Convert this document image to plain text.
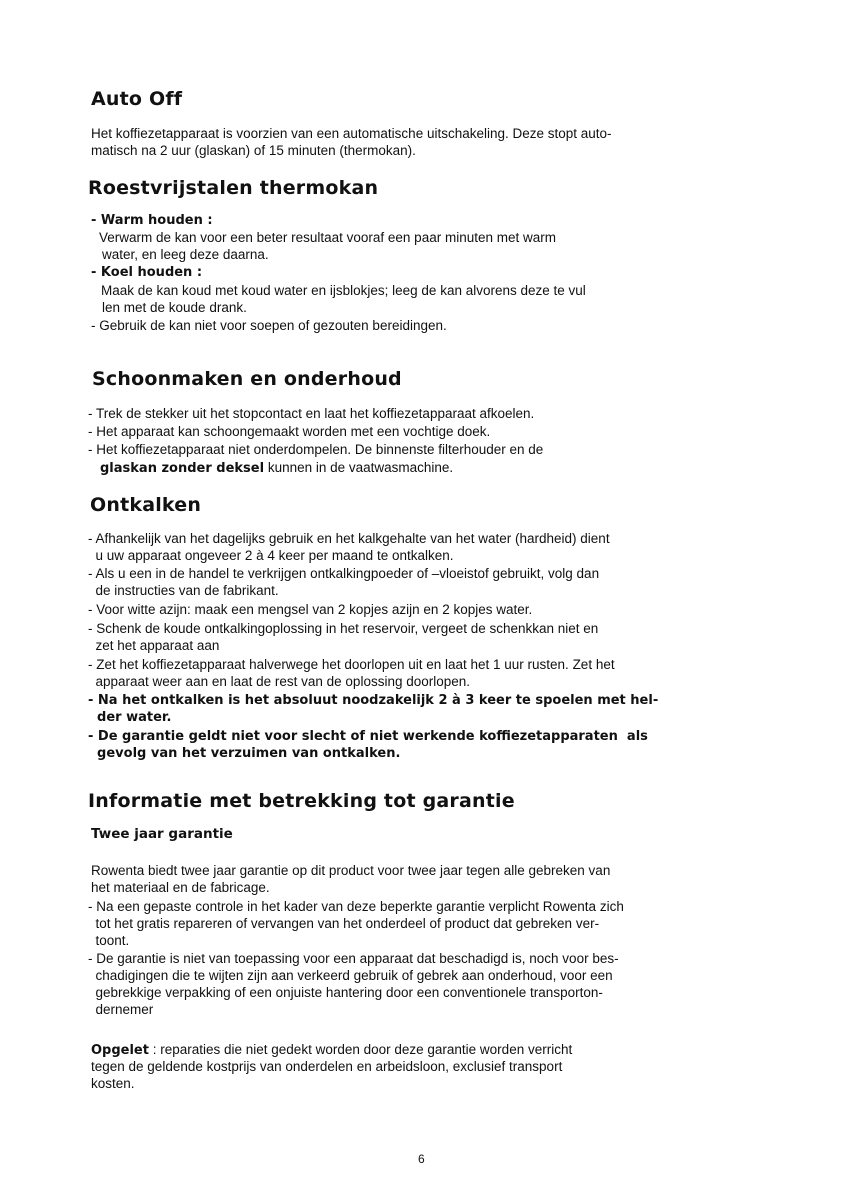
Auto Off

Het koffiezetapparaat is voorzien van een automatische uitschakeling. Deze stopt auto-

matisch na 2 uur (glaskan) of 15 minuten (thermokan).

Roestvrijstalen thermokan

- Warm houden :

Verwarm de kan voor een beter resultaat vooraf een paar minuten met warm

water, en leeg deze daarna.

- Koel houden :

Maak de kan koud met koud water en ijsblokjes; leeg de kan alvorens deze te vul

len met de koude drank.

- Gebruik de kan niet voor soepen of gezouten bereidingen.

Schoonmaken en onderhoud

- Trek de stekker uit het stopcontact en laat het koffiezetapparaat afkoelen.

- Het apparaat kan schoongemaakt worden met een vochtige doek.

- Het koffiezetapparaat niet onderdompelen. De binnenste filterhouder en de

glaskan zonder deksel kunnen in de vaatwasmachine.

Ontkalken

- Afhankelijk van het dagelijks gebruik en het kalkgehalte van het water (hardheid) dient

u uw apparaat ongeveer 2 à 4 keer per maand te ontkalken.

- Als u een in de handel te verkrijgen ontkalkingpoeder of –vloeistof gebruikt, volg dan

de instructies van de fabrikant.

- Voor witte azijn: maak een mengsel van 2 kopjes azijn en 2 kopjes water.

- Schenk de koude ontkalkingoplossing in het reservoir, vergeet de schenkkan niet en

zet het apparaat aan

- Zet het koffiezetapparaat halverwege het doorlopen uit en laat het 1 uur rusten. Zet het

apparaat weer aan en laat de rest van de oplossing doorlopen.

- Na het ontkalken is het absoluut noodzakelijk 2 à 3 keer te spoelen met hel-

der water.

- De garantie geldt niet voor slecht of niet werkende koffiezetapparaten  als

gevolg van het verzuimen van ontkalken.

Informatie met betrekking tot garantie
Twee jaar garantie

Rowenta biedt twee jaar garantie op dit product voor twee jaar tegen alle gebreken van

het materiaal en de fabricage.

- Na een gepaste controle in het kader van deze beperkte garantie verplicht Rowenta zich

tot het gratis repareren of vervangen van het onderdeel of product dat gebreken ver-

toont.

- De garantie is niet van toepassing voor een apparaat dat beschadigd is, noch voor bes-

chadigingen die te wijten zijn aan verkeerd gebruik of gebrek aan onderhoud, voor een

gebrekkige verpakking of een onjuiste hantering door een conventionele transporton-

dernemer

Opgelet : reparaties die niet gedekt worden door deze garantie worden verricht

tegen de geldende kostprijs van onderdelen en arbeidsloon, exclusief transport

kosten.

6
